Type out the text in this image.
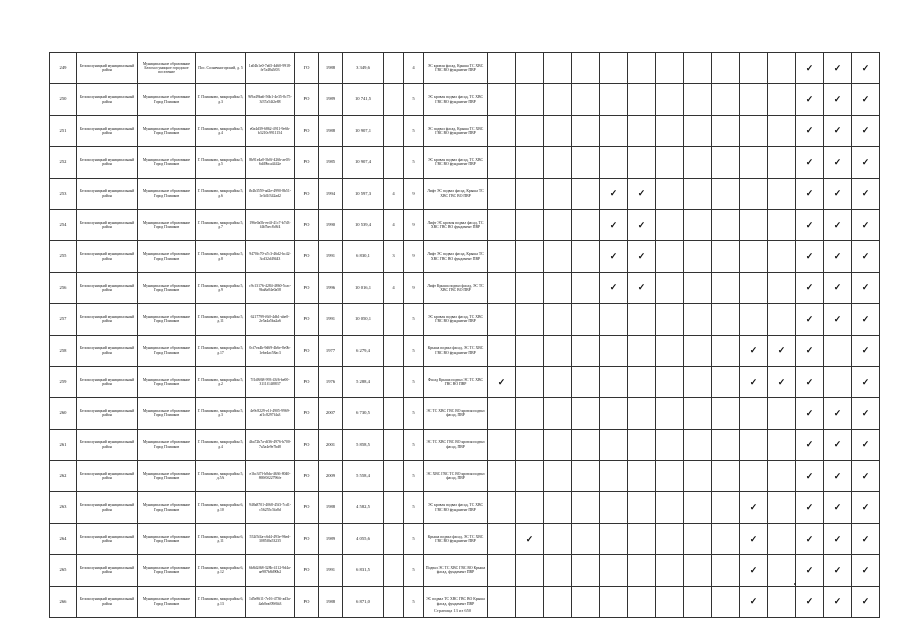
249	Белохолуницкий муниципальный район	Муниципальное образование Белохол уницкое городское поселение	Пос. Солнечногорский, д. 5	1a04b1e0-7a65-4d60-9918-fe7a48a5f03	ГО	1988	3 349,6		4	ЭС кровля фасад, Крыша ТС ХВС ГВС ВО фундамент ПВР												✓	✓	✓
250	Белохолуницкий муниципальный район	Муниципальное образование Город Плишков	Г. Плишково, микрорайон 5, д.3	9f9a49ba6-56b1-4e35-8c75-3f37a54f2e88	РО	1989	10 741,5		5	ЭС кровля подвал фасад, ТС ХВС ГВС ВО фундамент ПВР												✓	✓	✓
251	Белохолуницкий муниципальный район	Муниципальное образование Город Плишков	Г. Плишково, микрорайон 5, д.4	e0a4d39-6862-4911-9e6b-b3210c9911154	РО	1988	10 907,1		5	ЭС подвал фасад, Крыша ТС ХВС ГВС ВО фундамент ПВР												✓	✓	✓
252	Белохолуницкий муниципальный район	Муниципальное образование Город Плишков	Г. Плишково, микрорайон 5, д.5	8b91e4a0-5b0f-426b-ae03-6d49bca4442e	РО	1985	10 907,4		5	ЭС кровля подвал фасад, ТС ХВС ГВС ВО фундамент ПВР												✓	✓	✓
253	Белохолуницкий муниципальный район	Муниципальное образование Город Плишков	Г. Плишково, микрорайон 5, д.6	fb4b3559-ad2e-4990-8b51-1e3d1f342ad2	РО	1994	10 597,3	4	9	Лифт ЭС подвал фасад, Крыша ТС ХВС ГВС ВО ПВР					✓	✓						✓	✓	✓
254	Белохолуницкий муниципальный район	Муниципальное образование Город Плишков	Г. Плишково, микрорайон 5, д.7	196e0a5b-ee4f-41c7-b7d3-f4b7bec8c8f4	РО	1990	10 539,4	4	9	Лифт ЭС кровля подвал фасад, ТС ХВС ГВС ВО фундамент ПВР					✓	✓						✓	✓	✓
255	Белохолуницкий муниципальный район	Муниципальное образование Город Плишков	Г. Плишково, микрорайон 5, д.8	9470fc70-a7c3-46d2-bc42-3cd32d49443	РО	1991	6 830,1	3	9	Лифт ЭС подвал фасад, Крыша ТС ХВС ГВС ВО фундамент ПВР					✓	✓						✓	✓	✓
256	Белохолуницкий муниципальный район	Муниципальное образование Город Плишков	Г. Плишково, микрорайон 5, д.9	c9c13176-4284-4860-5cac-9ba8a04e0a58	РО	1996	10 016,1	4	9	Лифт Крыша подвал фасад, ЭС ТС ХВС ГВС ВО ПВР					✓	✓						✓	✓	✓
257	Белохолуницкий муниципальный район	Муниципальное образование Город Плишков	Г. Плишково, микрорайон 5, д.11	6217799-f6ff-4db1-abe0-2e5a4a5ba2a6	РО	1991	10 050,1		5	ЭС кровля подвал фасад, ТС ХВС ГВС ВО фундамент ПВР												✓	✓	✓
258	Белохолуницкий муниципальный район	Муниципальное образование Город Плишков	Г. Плишково, микрорайон 5, д.17	0cf7ea4b-9d69-4b6e-8e0b-1ebe4ac58ac3	РО	1977	6 279,4		5	Крыша подвал фасад, ЭС ТС ХВС ГВС ВО фундамент ПВР										✓	✓	✓		✓
259	Белохолуницкий муниципальный район	Муниципальное образование Город Плишков	Г. Плишково, микрорайон 5, д.2	7f1d8f68-993-43f6-be00-3111f14f8837	РО	1976	5 288,4		5	Фасад Крыша подвал ЭС ТС ХВС ГВС ВО ПВР	✓									✓	✓	✓		✓
260	Белохолуницкий муниципальный район	Муниципальное образование Город Плишков	Г. Плишково, микрорайон 5, д.3	4e9c8229-e1f-4905-9969-af1c8297f4a3	РО	2007	6 730,5		5	ЭС ТС ХВС ГВС ВО кровля подвал фасад, ПВР												✓	✓	✓
261	Белохолуницкий муниципальный район	Муниципальное образование Город Плишков	Г. Плишково, микрорайон 5, д.4	4ba72b7a-df36-4976-b700-7a5a4e9e7bd8	РО	2001	5 858,5		5	ЭС ТС ХВС ГВС ВО кровля подвал фасад, ПВР												✓	✓	✓
262	Белохолуницкий муниципальный район	Муниципальное образование Город Плишков	Г. Плишково, микрорайон 5, д.5А	e1bc3f7f-b8da-4636-8040-869f0f22796fe	РО	2009	5 558,4		5	ЭС ХВС ГВС ТС ВО кровля подвал фасад, ПВР												✓	✓	✓
263	Белохолуницкий муниципальный район	Муниципальное образование Город Плишков	Г. Плишково, микрорайон 6, д.10	948a8701-4068-45f3-7cd1-c56255c5fa8d	РО	1988	4 582,5		5	ЭС кровля подвал фасад, ТС ХВС ГВС ВО фундамент ПВР										✓		✓	✓	✓
264	Белохолуницкий муниципальный район	Муниципальное образование Город Плишков	Г. Плишково, микрорайон 6, д.11	552f5f4a-c6d4-493e-96ed-3085f0a53235	РО	1989	4 055,6		5	Крыша подвал фасад, ЭС ТС ХВС ГВС ВО фундамент ПВР		✓								✓		✓	✓	✓
265	Белохолуницкий муниципальный район	Муниципальное образование Город Плишков	Г. Плишково, микрорайон 6, д.12	6b8d2f68-328b-4112-9d4a-ae987b8d90b2	РО	1991	6 831,5		5	Подвал ЭС ТС ХВС ГВС ВО Крыша фасад, фундамент ПВР										✓		✓	✓	✓
266	Белохолуницкий муниципальный район	Муниципальное образование Город Плишков	Г. Плишково, микрорайон 6, д.13	1d5e8611-7e16-4736-ad3a-4ab0eaf09f6b3	РО	1988	6 871,0		5	ЭС подвал ТС ХВС ГВС ВО Крыша фасад, фундамент ПВР										✓		✓	✓	✓
Страница 13 из 650
